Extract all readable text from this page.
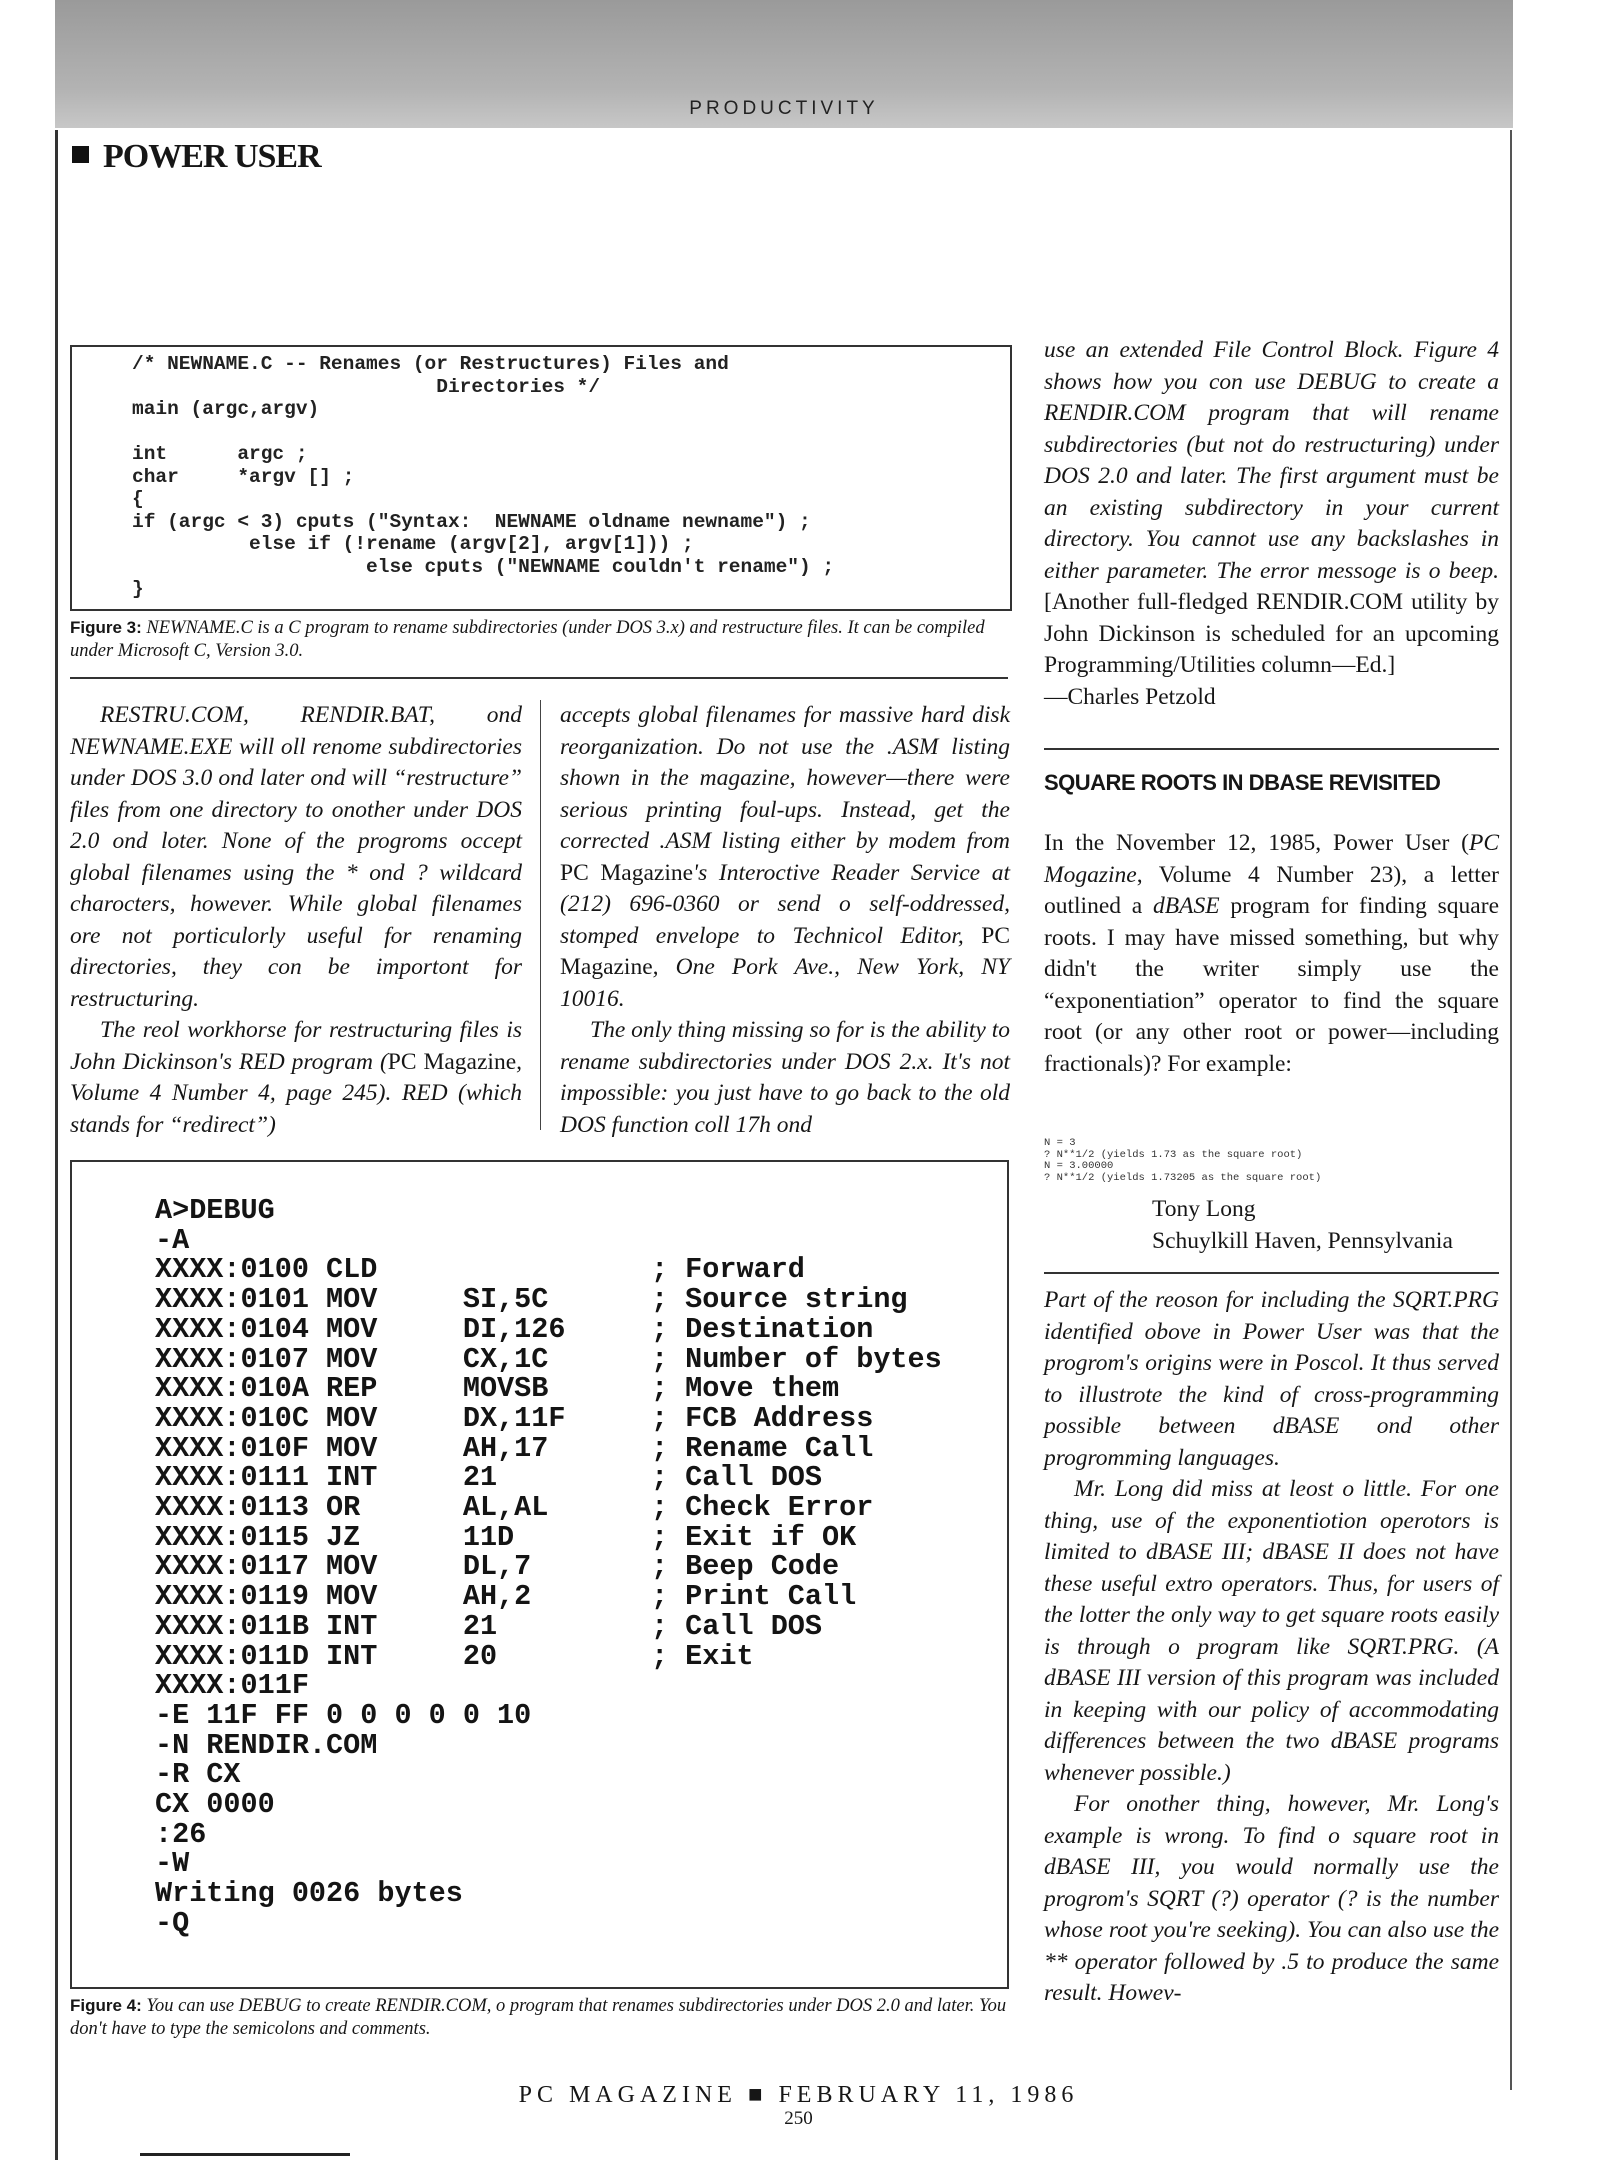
PRODUCTIVITY
POWER USER
/* NEWNAME.C -- Renames (or Restructures) Files and
Directories */
main (argc,argv)

int      argc ;
char     *argv [] ;
{
if (argc < 3) cputs ("Syntax:  NEWNAME oldname newname") ;
else if (!rename (argv[2], argv[1])) ;
else cputs ("NEWNAME couldn't rename") ;
}
Figure 3: NEWNAME.C is a C program to rename subdirectories (under DOS 3.x) and restructure files. It can be compiled under Microsoft C, Version 3.0.

RESTRU.COM, RENDIR.BAT, ond NEWNAME.EXE will oll renome subdirectories under DOS 3.0 ond later ond will “restructure” files from one directory to onother under DOS 2.0 ond loter. None of the progroms occept global filenames using the * ond ? wildcard charocters, however. While global filenames ore not porticulorly useful for renaming directories, they con be importont for restructuring.

The reol workhorse for restructuring files is John Dickinson's RED program (PC Magazine, Volume 4 Number 4, page 245). RED (which stands for “redirect”)

accepts global filenames for massive hard disk reorganization. Do not use the .ASM listing shown in the magazine, however—there were serious printing foul-ups. Instead, get the corrected .ASM listing either by modem from PC Magazine's Interoctive Reader Service at (212) 696-0360 or send o self-oddressed, stomped envelope to Technicol Editor, PC Magazine, One Pork Ave., New York, NY 10016.

The only thing missing so for is the ability to rename subdirectories under DOS 2.x. It's not impossible: you just have to go back to the old DOS function coll 17h ond

A>DEBUG
-A
XXXX:0100 CLD                ; Forward
XXXX:0101 MOV     SI,5C      ; Source string
XXXX:0104 MOV     DI,126     ; Destination
XXXX:0107 MOV     CX,1C      ; Number of bytes
XXXX:010A REP     MOVSB      ; Move them
XXXX:010C MOV     DX,11F     ; FCB Address
XXXX:010F MOV     AH,17      ; Rename Call
XXXX:0111 INT     21         ; Call DOS
XXXX:0113 OR      AL,AL      ; Check Error
XXXX:0115 JZ      11D        ; Exit if OK
XXXX:0117 MOV     DL,7       ; Beep Code
XXXX:0119 MOV     AH,2       ; Print Call
XXXX:011B INT     21         ; Call DOS
XXXX:011D INT     20         ; Exit
XXXX:011F
-E 11F FF 0 0 0 0 0 10
-N RENDIR.COM
-R CX
CX 0000
:26
-W
Writing 0026 bytes
-Q
Figure 4: You can use DEBUG to create RENDIR.COM, o program that renames subdirectories under DOS 2.0 and later. You don't have to type the semicolons and comments.

use an extended File Control Block. Figure 4 shows how you con use DEBUG to create a RENDIR.COM program that will rename subdirectories (but not do restructuring) under DOS 2.0 and later. The first argument must be an existing subdirectory in your current directory. You cannot use any backslashes in either parameter. The error messoge is o beep. [Another full-fledged RENDIR.COM utility by John Dickinson is scheduled for an upcoming Programming/Utilities column—Ed.]

—Charles Petzold

SQUARE ROOTS IN DBASE REVISITED

In the November 12, 1985, Power User (PC Mogazine, Volume 4 Number 23), a letter outlined a dBASE program for finding square roots. I may have missed something, but why didn't the writer simply use the “exponentiation” operator to find the square root (or any other root or power—including fractionals)? For example:

N = 3
? N**1/2 (yields 1.73 as the square root)
N = 3.00000
? N**1/2 (yields 1.73205 as the square root)
Tony Long
Schuylkill Haven, Pennsylvania

Part of the reoson for including the SQRT.PRG identified obove in Power User was that the progrom's origins were in Poscol. It thus served to illustrote the kind of cross-programming possible between dBASE ond other progromming languages.

Mr. Long did miss at leost o little. For one thing, use of the exponentiotion operotors is limited to dBASE III; dBASE II does not have these useful extro operators. Thus, for users of the lotter the only way to get square roots easily is through o program like SQRT.PRG. (A dBASE III version of this program was included in keeping with our policy of accommodating differences between the two dBASE programs whenever possible.)

For onother thing, however, Mr. Long's example is wrong. To find o square root in dBASE III, you would normally use the progrom's SQRT (?) operator (? is the number whose root you're seeking). You can also use the ** operator followed by .5 to produce the same result. Howev-

PC MAGAZINE ■ FEBRUARY 11, 1986
250
